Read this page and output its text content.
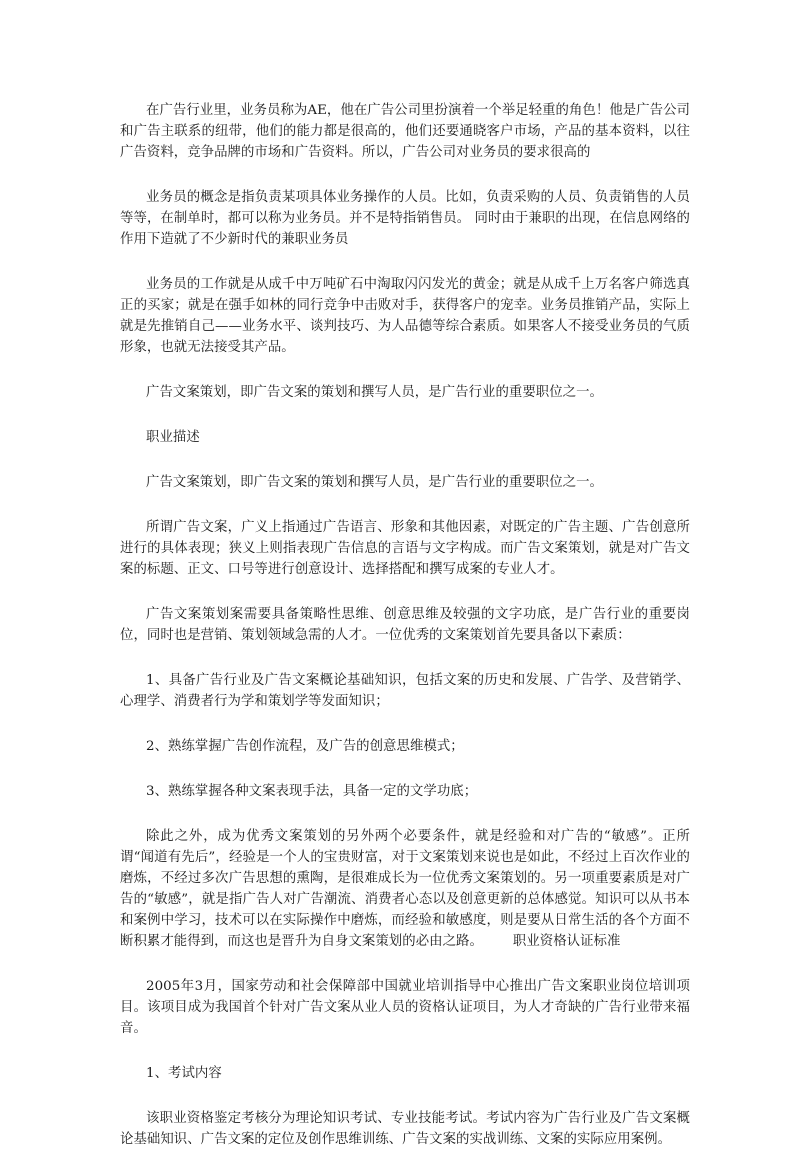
在广告行业里，业务员称为AE，他在广告公司里扮演着一个举足轻重的角色！他是广告公司和广告主联系的纽带，他们的能力都是很高的，他们还要通晓客户市场，产品的基本资料，以往广告资料，竞争品牌的市场和广告资料。所以，广告公司对业务员的要求很高的

业务员的概念是指负责某项具体业务操作的人员。比如，负责采购的人员、负责销售的人员等等，在制单时，都可以称为业务员。并不是特指销售员。 同时由于兼职的出现，在信息网络的作用下造就了不少新时代的兼职业务员

业务员的工作就是从成千中万吨矿石中淘取闪闪发光的黄金；就是从成千上万名客户筛选真正的买家；就是在强手如林的同行竞争中击败对手，获得客户的宠幸。业务员推销产品，实际上就是先推销自己——业务水平、谈判技巧、为人品德等综合素质。如果客人不接受业务员的气质形象，也就无法接受其产品。

广告文案策划，即广告文案的策划和撰写人员，是广告行业的重要职位之一。

职业描述

广告文案策划，即广告文案的策划和撰写人员，是广告行业的重要职位之一。

所谓广告文案，广义上指通过广告语言、形象和其他因素，对既定的广告主题、广告创意所进行的具体表现；狭义上则指表现广告信息的言语与文字构成。而广告文案策划，就是对广告文案的标题、正文、口号等进行创意设计、选择搭配和撰写成案的专业人才。

广告文案策划案需要具备策略性思维、创意思维及较强的文字功底，是广告行业的重要岗位，同时也是营销、策划领域急需的人才。一位优秀的文案策划首先要具备以下素质：

1、具备广告行业及广告文案概论基础知识，包括文案的历史和发展、广告学、及营销学、心理学、消费者行为学和策划学等发面知识；

2、熟练掌握广告创作流程，及广告的创意思维模式；

3、熟练掌握各种文案表现手法，具备一定的文学功底；

除此之外，成为优秀文案策划的另外两个必要条件，就是经验和对广告的“敏感”。正所谓“闻道有先后”，经验是一个人的宝贵财富，对于文案策划来说也是如此，不经过上百次作业的磨炼，不经过多次广告思想的熏陶，是很难成长为一位优秀文案策划的。另一项重要素质是对广告的“敏感”，就是指广告人对广告潮流、消费者心态以及创意更新的总体感觉。知识可以从书本和案例中学习，技术可以在实际操作中磨炼，而经验和敏感度，则是要从日常生活的各个方面不断积累才能得到，而这也是晋升为自身文案策划的必由之路。 职业资格认证标准

2005年3月，国家劳动和社会保障部中国就业培训指导中心推出广告文案职业岗位培训项目。该项目成为我国首个针对广告文案从业人员的资格认证项目，为人才奇缺的广告行业带来福音。

1、考试内容

该职业资格鉴定考核分为理论知识考试、专业技能考试。考试内容为广告行业及广告文案概论基础知识、广告文案的定位及创作思维训练、广告文案的实战训练、文案的实际应用案例。
